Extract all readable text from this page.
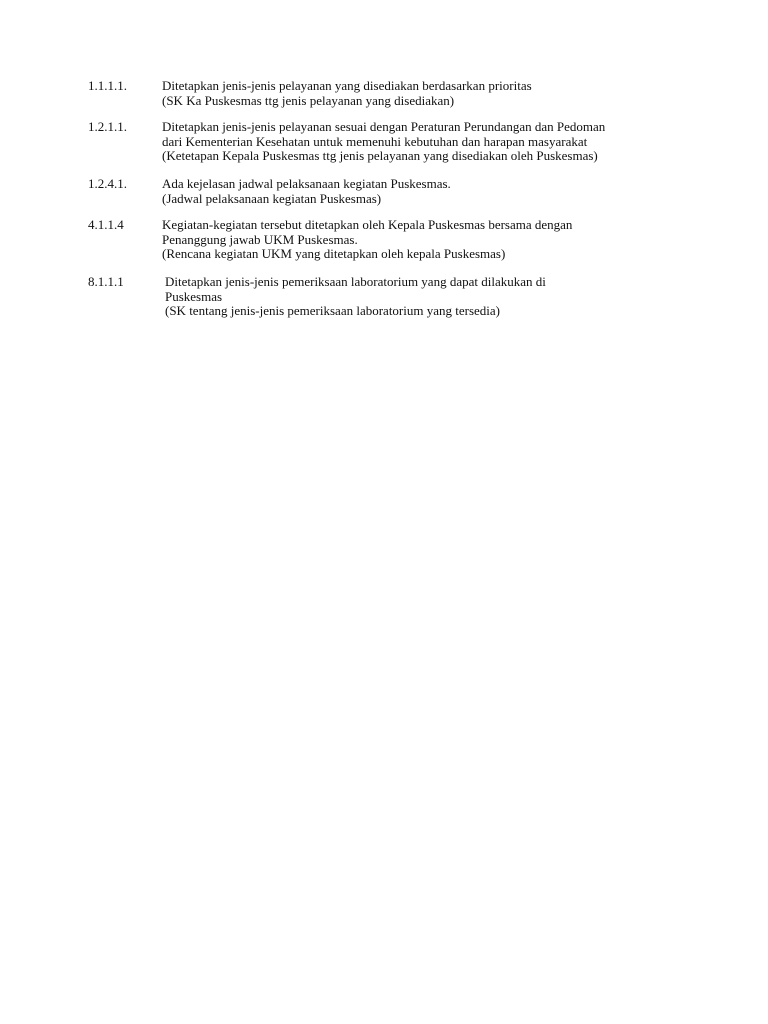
1.1.1.1.	Ditetapkan jenis-jenis pelayanan yang disediakan berdasarkan prioritas
(SK Ka Puskesmas ttg jenis pelayanan yang disediakan)
1.2.1.1.	Ditetapkan jenis-jenis pelayanan sesuai dengan Peraturan Perundangan dan Pedoman
dari Kementerian Kesehatan untuk memenuhi kebutuhan dan harapan masyarakat
(Ketetapan Kepala Puskesmas ttg jenis pelayanan yang disediakan oleh Puskesmas)
1.2.4.1.	Ada kejelasan jadwal pelaksanaan kegiatan Puskesmas.
(Jadwal pelaksanaan kegiatan Puskesmas)
4.1.1.4	Kegiatan-kegiatan tersebut ditetapkan oleh Kepala Puskesmas bersama dengan
Penanggung jawab UKM Puskesmas.
(Rencana kegiatan UKM yang ditetapkan oleh kepala Puskesmas)
8.1.1.1	Ditetapkan jenis-jenis pemeriksaan laboratorium yang dapat dilakukan di
Puskesmas
(SK tentang jenis-jenis pemeriksaan laboratorium yang tersedia)
